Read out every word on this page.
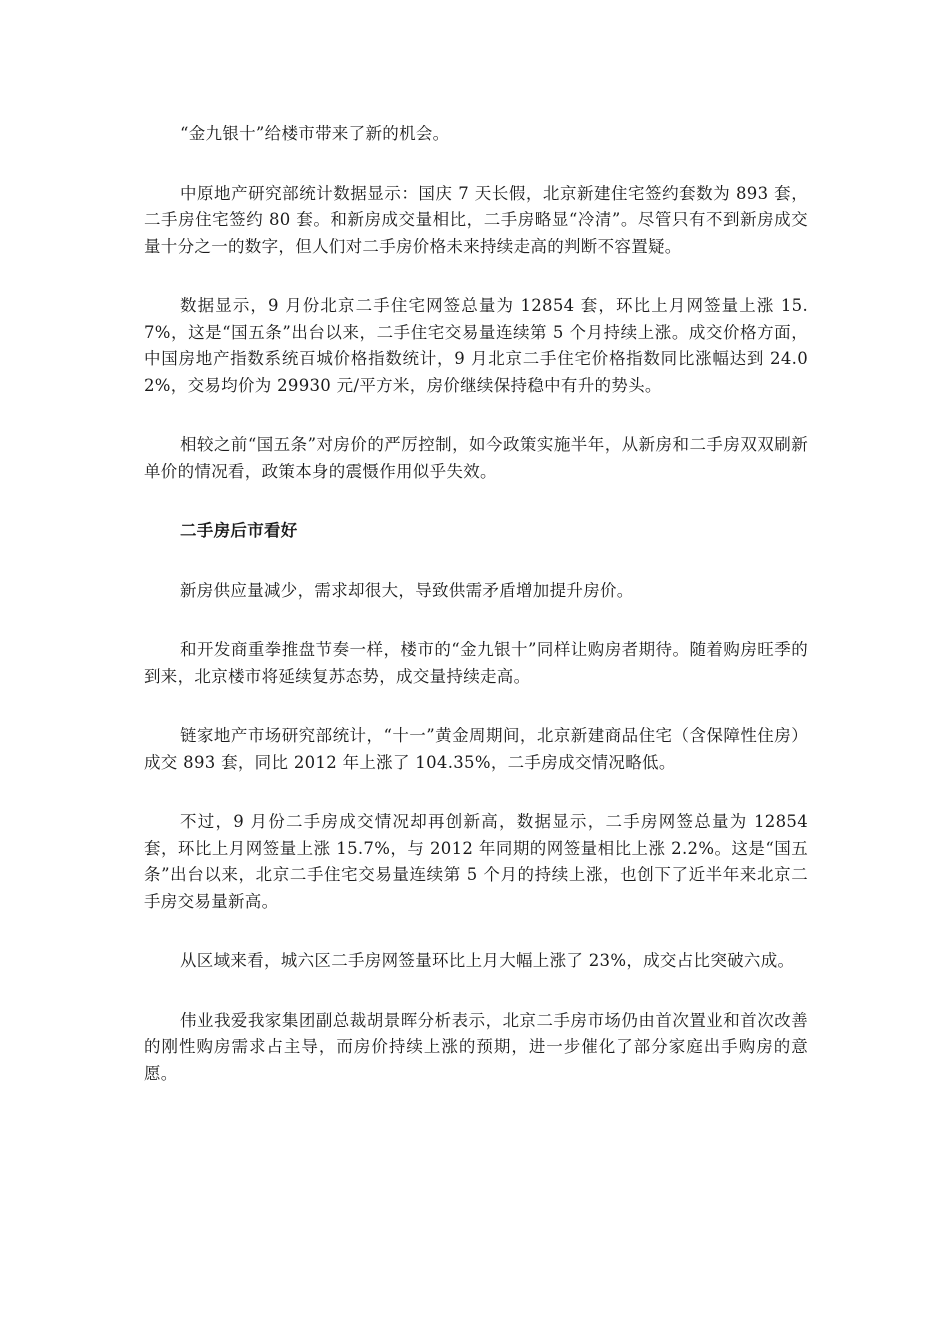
“金九银十”给楼市带来了新的机会。

中原地产研究部统计数据显示：国庆 7 天长假，北京新建住宅签约套数为 893 套，二手房住宅签约 80 套。和新房成交量相比，二手房略显“冷清”。尽管只有不到新房成交量十分之一的数字，但人们对二手房价格未来持续走高的判断不容置疑。

数据显示，9 月份北京二手住宅网签总量为 12854 套，环比上月网签量上涨 15.7%，这是“国五条”出台以来，二手住宅交易量连续第 5 个月持续上涨。成交价格方面，中国房地产指数系统百城价格指数统计，9 月北京二手住宅价格指数同比涨幅达到 24.02%，交易均价为 29930 元/平方米，房价继续保持稳中有升的势头。

相较之前“国五条”对房价的严厉控制，如今政策实施半年，从新房和二手房双双刷新单价的情况看，政策本身的震慑作用似乎失效。

二手房后市看好

新房供应量减少，需求却很大，导致供需矛盾增加提升房价。

和开发商重拳推盘节奏一样，楼市的“金九银十”同样让购房者期待。随着购房旺季的到来，北京楼市将延续复苏态势，成交量持续走高。

链家地产市场研究部统计，“十一”黄金周期间，北京新建商品住宅（含保障性住房）成交 893 套，同比 2012 年上涨了 104.35%，二手房成交情况略低。

不过，9 月份二手房成交情况却再创新高，数据显示，二手房网签总量为 12854 套，环比上月网签量上涨 15.7%，与 2012 年同期的网签量相比上涨 2.2%。这是“国五条”出台以来，北京二手住宅交易量连续第 5 个月的持续上涨，也创下了近半年来北京二手房交易量新高。

从区域来看，城六区二手房网签量环比上月大幅上涨了 23%，成交占比突破六成。

伟业我爱我家集团副总裁胡景晖分析表示，北京二手房市场仍由首次置业和首次改善的刚性购房需求占主导，而房价持续上涨的预期，进一步催化了部分家庭出手购房的意愿。
